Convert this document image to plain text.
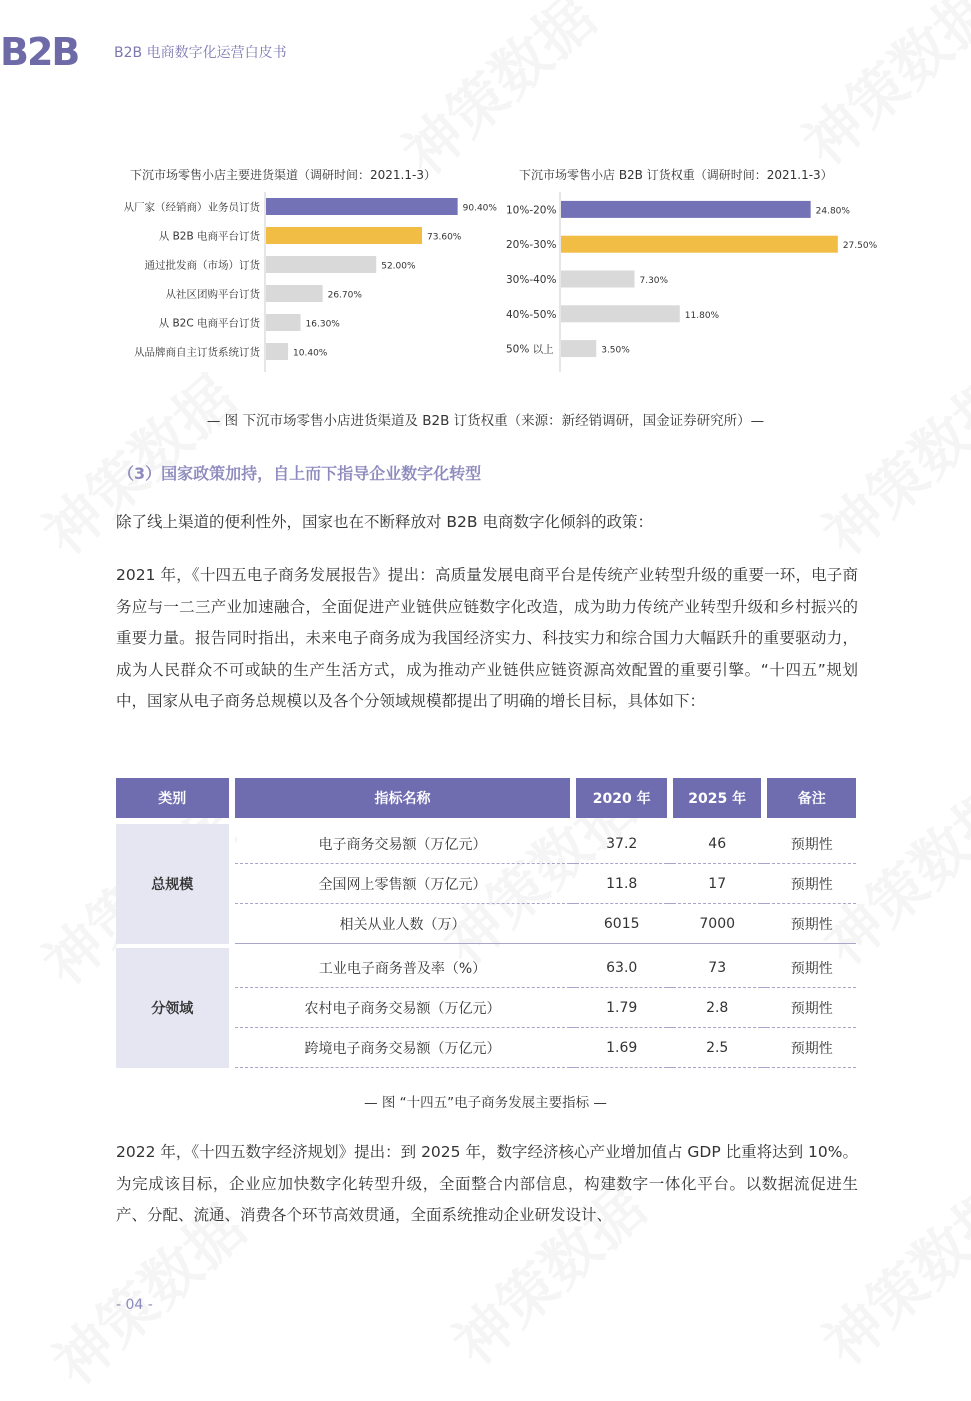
B2B	B2B 电商数字化运营白皮书
下沉市场零售小店主要进货渠道（调研时间：2021.1-3）	下沉市场零售小店 B2B 订货权重（调研时间：2021.1-3）
从厂家（经销商）业务员订货	90.40%
从 B2B 电商平台订货	73.60%
通过批发商（市场）订货	52.00%
从社区团购平台订货	26.70%
从 B2C 电商平台订货	16.30%
从品牌商自主订货系统订货	10.40%
10%-20%	24.80%
20%-30%	27.50%
30%-40%	7.30%
40%-50%	11.80%
50% 以上	3.50%
— 图 下沉市场零售小店进货渠道及 B2B 订货权重（来源：新经销调研，国金证券研究所）—
（3）国家政策加持，自上而下指导企业数字化转型

除了线上渠道的便利性外，国家也在不断释放对 B2B 电商数字化倾斜的政策：

2021 年，《十四五电子商务发展报告》提出：高质量发展电商平台是传统产业转型升级的重要一环，电子商务应与一二三产业加速融合，全面促进产业链供应链数字化改造，成为助力传统产业转型升级和乡村振兴的重要力量。报告同时指出，未来电子商务成为我国经济实力、科技实力和综合国力大幅跃升的重要驱动力，成为人民群众不可或缺的生产生活方式，成为推动产业链供应链资源高效配置的重要引擎。“十四五”规划中，国家从电子商务总规模以及各个分领域规模都提出了明确的增长目标，具体如下：

类别		指标名称		2020 年		2025 年		备注

总规模		电子商务交易额（万亿元）		37.2		46		预期性
		全国网上零售额（万亿元）		11.8		17		预期性
		相关从业人数（万）		6015		7000		预期性

分领域		工业电子商务普及率（%）		63.0		73		预期性
		农村电子商务交易额（万亿元）		1.79		2.8		预期性
		跨境电子商务交易额（万亿元）		1.69		2.5		预期性
— 图 “十四五”电子商务发展主要指标 —

2022 年，《十四五数字经济规划》提出：到 2025 年，数字经济核心产业增加值占 GDP 比重将达到 10%。为完成该目标，企业应加快数字化转型升级，全面整合内部信息，构建数字一体化平台。以数据流促进生产、分配、流通、消费各个环节高效贯通，全面系统推动企业研发设计、

- 04 -
